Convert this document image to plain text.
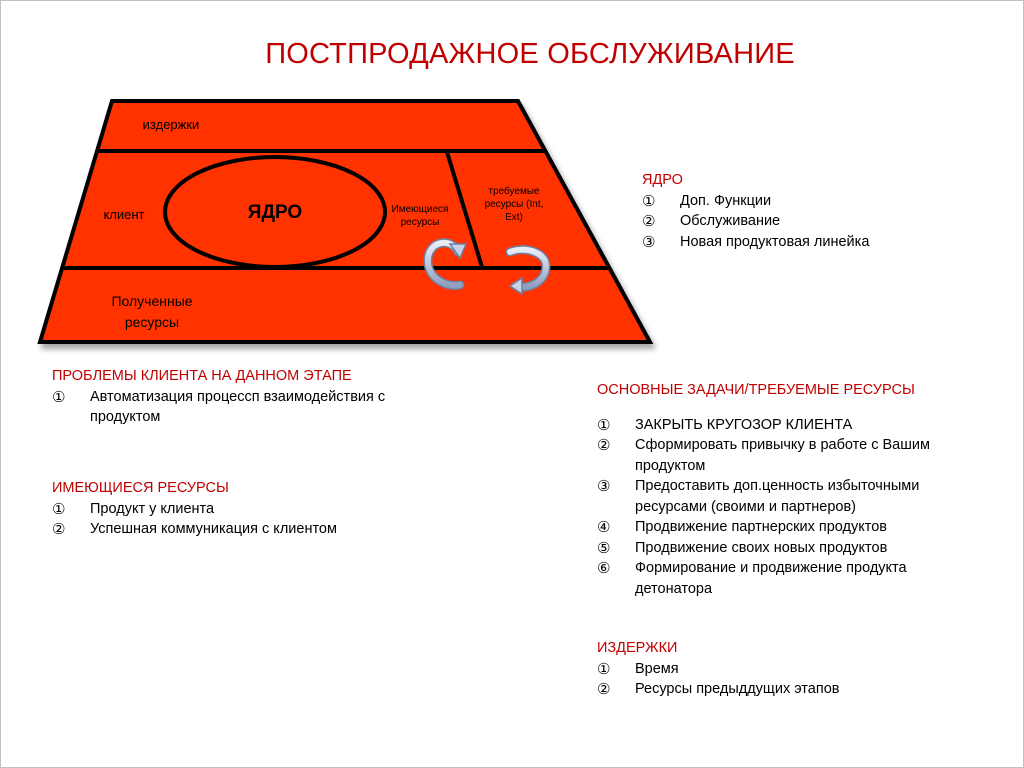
ПОСТПРОДАЖНОЕ ОБСЛУЖИВАНИЕ
издержки
клиент	ЯДРО	Имеющиеся
ресурсы
требуемые
ресурсы (Int,
Ext)
Полученные
ресурсы
ЯДРО
①	Доп. Функции
②	Обслуживание
③	Новая продуктовая линейка
ПРОБЛЕМЫ КЛИЕНТА НА ДАННОМ ЭТАПЕ
①	Автоматизация процессп взаимодействия с
продуктом
ИМЕЮЩИЕСЯ РЕСУРСЫ
①	Продукт у клиента
②	Успешная коммуникация с клиентом
ОСНОВНЫЕ ЗАДАЧИ/ТРЕБУЕМЫЕ РЕСУРСЫ
①	ЗАКРЫТЬ КРУГОЗОР КЛИЕНТА
②	Сформировать привычку в работе с Вашим
продуктом
③	Предоставить доп.ценность избыточными
ресурсами (своими и партнеров)
④	Продвижение партнерских продуктов
⑤	Продвижение своих новых продуктов
⑥	Формирование и продвижение продукта
детонатора
ИЗДЕРЖКИ
①	Время
②	Ресурсы предыддущих этапов
